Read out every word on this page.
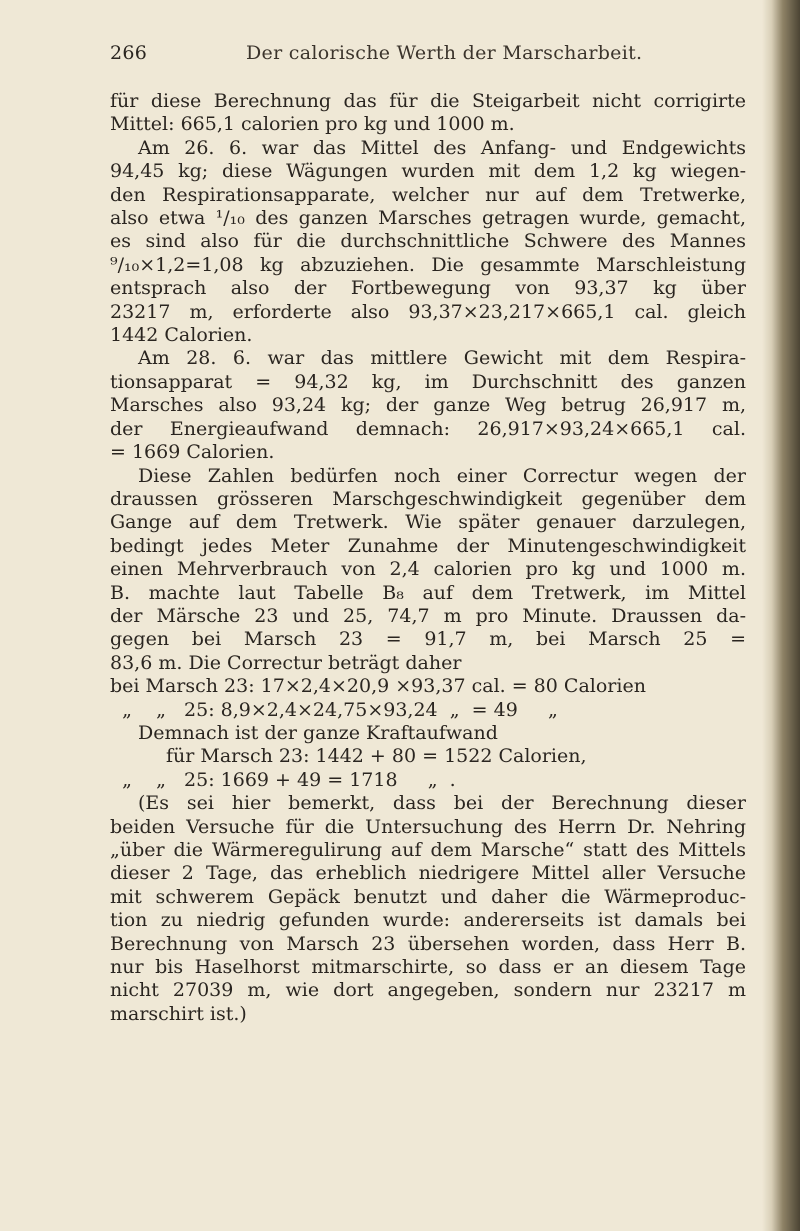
266	Der calorische Werth der Marscharbeit.
für diese Berechnung das für die Steigarbeit nicht corrigirte
Mittel: 665,1 calorien pro kg und 1000 m.
Am 26. 6. war das Mittel des Anfang- und Endgewichts
94,45 kg; diese Wägungen wurden mit dem 1,2 kg wiegen-
den Respirationsapparate, welcher nur auf dem Tretwerke,
also etwa ¹/₁₀ des ganzen Marsches getragen wurde, gemacht,
es sind also für die durchschnittliche Schwere des Mannes
⁹/₁₀×1,2=1,08 kg abzuziehen. Die gesammte Marschleistung
entsprach also der Fortbewegung von 93,37 kg über
23217 m, erforderte also 93,37×23,217×665,1 cal. gleich
1442 Calorien.
Am 28. 6. war das mittlere Gewicht mit dem Respira-
tionsapparat = 94,32 kg, im Durchschnitt des ganzen
Marsches also 93,24 kg; der ganze Weg betrug 26,917 m,
der Energieaufwand demnach: 26,917×93,24×665,1 cal.
= 1669 Calorien.
Diese Zahlen bedürfen noch einer Correctur wegen der
draussen grösseren Marschgeschwindigkeit gegenüber dem
Gange auf dem Tretwerk. Wie später genauer darzulegen,
bedingt jedes Meter Zunahme der Minutengeschwindigkeit
einen Mehrverbrauch von 2,4 calorien pro kg und 1000 m.
B. machte laut Tabelle B₈ auf dem Tretwerk, im Mittel
der Märsche 23 und 25, 74,7 m pro Minute. Draussen da-
gegen bei Marsch 23 = 91,7 m, bei Marsch 25 =
83,6 m. Die Correctur beträgt daher
bei Marsch 23: 17×2,4×20,9 ×93,37 cal. = 80 Calorien
„    „   25: 8,9×2,4×24,75×93,24  „  = 49     „
Demnach ist der ganze Kraftaufwand
für Marsch 23: 1442 + 80 = 1522 Calorien,
„    „   25: 1669 + 49 = 1718     „  .
(Es sei hier bemerkt, dass bei der Berechnung dieser
beiden Versuche für die Untersuchung des Herrn Dr. Nehring
„über die Wärmeregulirung auf dem Marsche“ statt des Mittels
dieser 2 Tage, das erheblich niedrigere Mittel aller Versuche
mit schwerem Gepäck benutzt und daher die Wärmeproduc-
tion zu niedrig gefunden wurde: andererseits ist damals bei
Berechnung von Marsch 23 übersehen worden, dass Herr B.
nur bis Haselhorst mitmarschirte, so dass er an diesem Tage
nicht 27039 m, wie dort angegeben, sondern nur 23217 m
marschirt ist.)
